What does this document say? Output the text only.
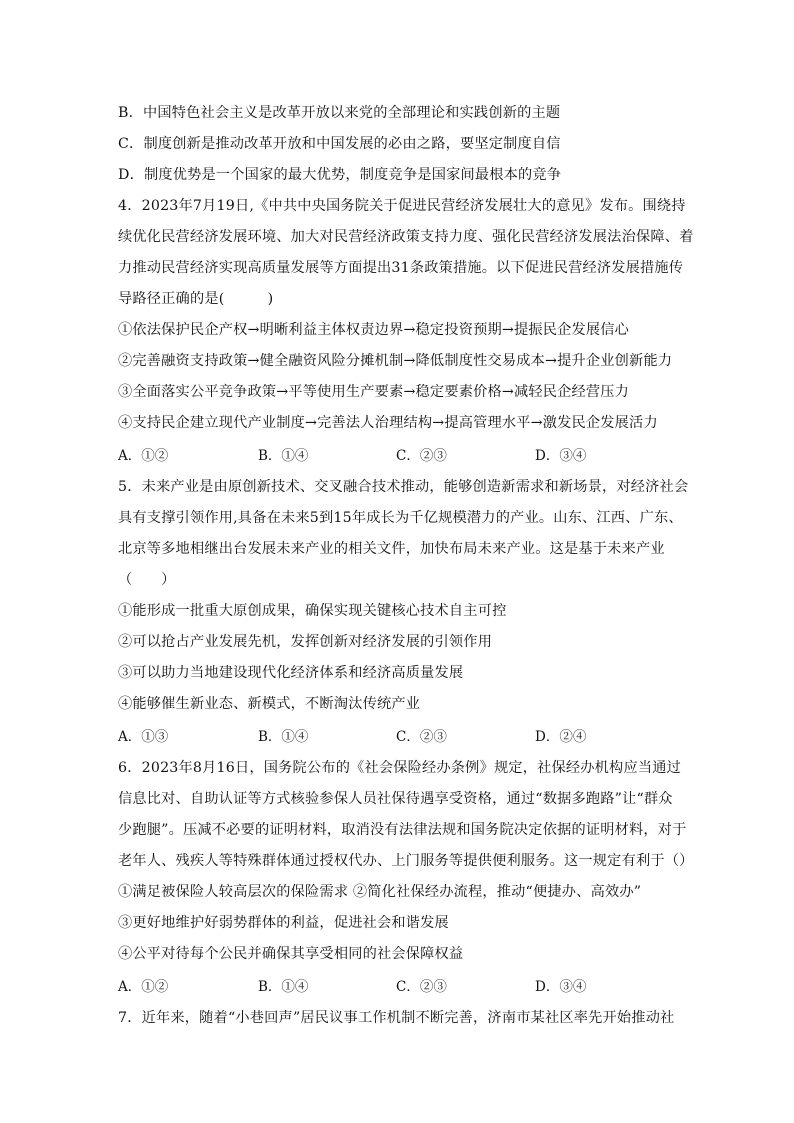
B．中国特色社会主义是改革开放以来党的全部理论和实践创新的主题
C．制度创新是推动改革开放和中国发展的必由之路，要坚定制度自信
D．制度优势是一个国家的最大优势，制度竞争是国家间最根本的竞争
4．2023年7月19日,《中共中央国务院关于促进民营经济发展壮大的意见》发布。围绕持
续优化民营经济发展环境、加大对民营经济政策支持力度、强化民营经济发展法治保障、着
力推动民营经济实现高质量发展等方面提出31条政策措施。以下促进民营经济发展措施传
导路径正确的是(　　　)
①依法保护民企产权→明晰利益主体权责边界→稳定投资预期→提振民企发展信心
②完善融资支持政策→健全融资风险分摊机制→降低制度性交易成本→提升企业创新能力
③全面落实公平竞争政策→平等使用生产要素→稳定要素价格→减轻民企经营压力
④支持民企建立现代产业制度→完善法人治理结构→提高管理水平→激发民企发展活力
A．①②	B．①④	C．②③	D．③④
5．未来产业是由原创新技术、交叉融合技术推动，能够创造新需求和新场景，对经济社会
具有支撑引领作用,具备在未来5到15年成长为千亿规模潜力的产业。山东、江西、广东、
北京等多地相继出台发展未来产业的相关文件，加快布局未来产业。这是基于未来产业
（　　）
①能形成一批重大原创成果，确保实现关键核心技术自主可控
②可以抢占产业发展先机，发挥创新对经济发展的引领作用
③可以助力当地建设现代化经济体系和经济高质量发展
④能够催生新业态、新模式，不断淘汰传统产业
A．①③	B．①④	C．②③	D．②④
6．2023年8月16日，国务院公布的《社会保险经办条例》规定，社保经办机构应当通过
信息比对、自助认证等方式核验参保人员社保待遇享受资格，通过“数据多跑路”让“群众
少跑腿”。压减不必要的证明材料，取消没有法律法规和国务院决定依据的证明材料，对于
老年人、残疾人等特殊群体通过授权代办、上门服务等提供便利服务。这一规定有利于（）
①满足被保险人较高层次的保险需求 ②简化社保经办流程，推动“便捷办、高效办”
③更好地维护好弱势群体的利益，促进社会和谐发展
④公平对待每个公民并确保其享受相同的社会保障权益
A．①②	B．①④	C．②③	D．③④
7．近年来，随着“小巷回声”居民议事工作机制不断完善，济南市某社区率先开始推动社
